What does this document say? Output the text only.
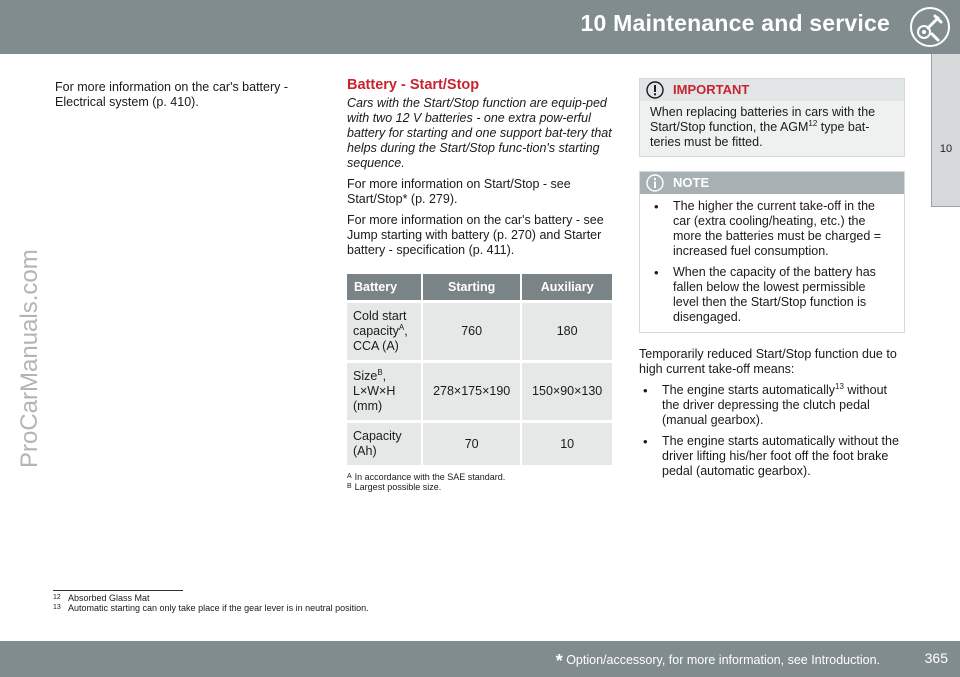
10 Maintenance and service
10
ProCarManuals.com

For more information on the car's battery - Electrical system (p. 410).

Battery - Start/Stop

Cars with the Start/Stop function are equip-ped with two 12 V batteries - one extra pow-erful battery for starting and one support bat-tery that helps during the Start/Stop func-tion's starting sequence.

For more information on Start/Stop - see Start/Stop* (p. 279).

For more information on the car's battery - see Jump starting with battery (p. 270) and Starter battery - specification (p. 411).

Battery	Starting	Auxiliary
Cold start capacity$^A$, CCA (A)	760	180
Size$^B$, L×W×H (mm)	278×175×190	150×90×130
Capacity (Ah)	70	10
$^A$ In accordance with the SAE standard.
$^B$ Largest possible size.
IMPORTANT
When replacing batteries in cars with the Start/Stop function, the AGM$^{12}$ type bat-teries must be fitted.
NOTE
• The higher the current take-off in the car (extra cooling/heating, etc.) the more the batteries must be charged = increased fuel consumption.
• When the capacity of the battery has fallen below the lowest permissible level then the Start/Stop function is disengaged.

Temporarily reduced Start/Stop function due to high current take-off means:

• The engine starts automatically$^{13}$ without the driver depressing the clutch pedal (manual gearbox).
• The engine starts automatically without the driver lifting his/her foot off the foot brake pedal (automatic gearbox).
12 Absorbed Glass Mat
13 Automatic starting can only take place if the gear lever is in neutral position.
* Option/accessory, for more information, see Introduction.	365
